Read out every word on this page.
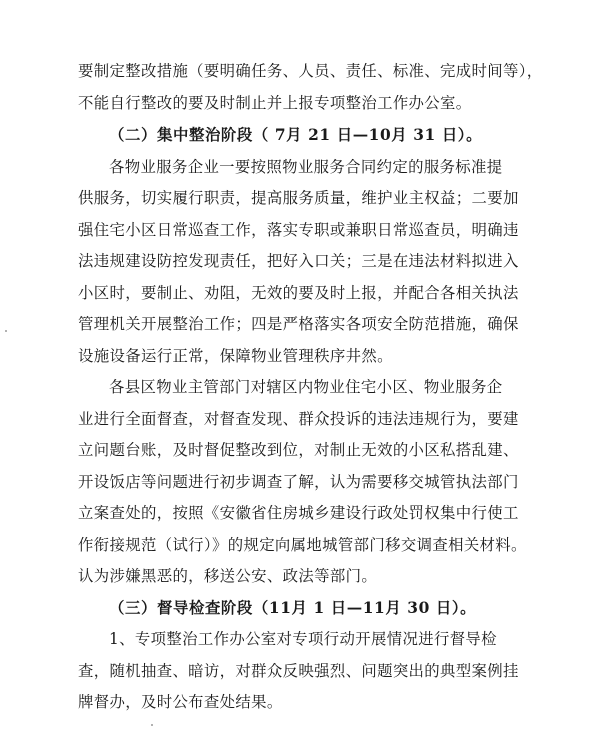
要制定整改措施（要明确任务、人员、责任、标准、完成时间等），
不能自行整改的要及时制止并上报专项整治工作办公室。
（二）集中整治阶段（ 7月 21 日—10月 31 日）。
各物业服务企业一要按照物业服务合同约定的服务标准提
供服务，切实履行职责，提高服务质量，维护业主权益；二要加
强住宅小区日常巡查工作，落实专职或兼职日常巡查员，明确违
法违规建设防控发现责任，把好入口关；三是在违法材料拟进入
小区时，要制止、劝阻，无效的要及时上报，并配合各相关执法
管理机关开展整治工作；四是严格落实各项安全防范措施，确保
设施设备运行正常，保障物业管理秩序井然。
各县区物业主管部门对辖区内物业住宅小区、物业服务企
业进行全面督查，对督查发现、群众投诉的违法违规行为，要建
立问题台账，及时督促整改到位，对制止无效的小区私搭乱建、
开设饭店等问题进行初步调查了解，认为需要移交城管执法部门
立案查处的，按照《安徽省住房城乡建设行政处罚权集中行使工
作衔接规范（试行）》的规定向属地城管部门移交调查相关材料。
认为涉嫌黑恶的，移送公安、政法等部门。
（三）督导检查阶段（11月 1 日—11月 30 日）。
1、专项整治工作办公室对专项行动开展情况进行督导检
查，随机抽查、暗访，对群众反映强烈、问题突出的典型案例挂
牌督办，及时公布查处结果。
